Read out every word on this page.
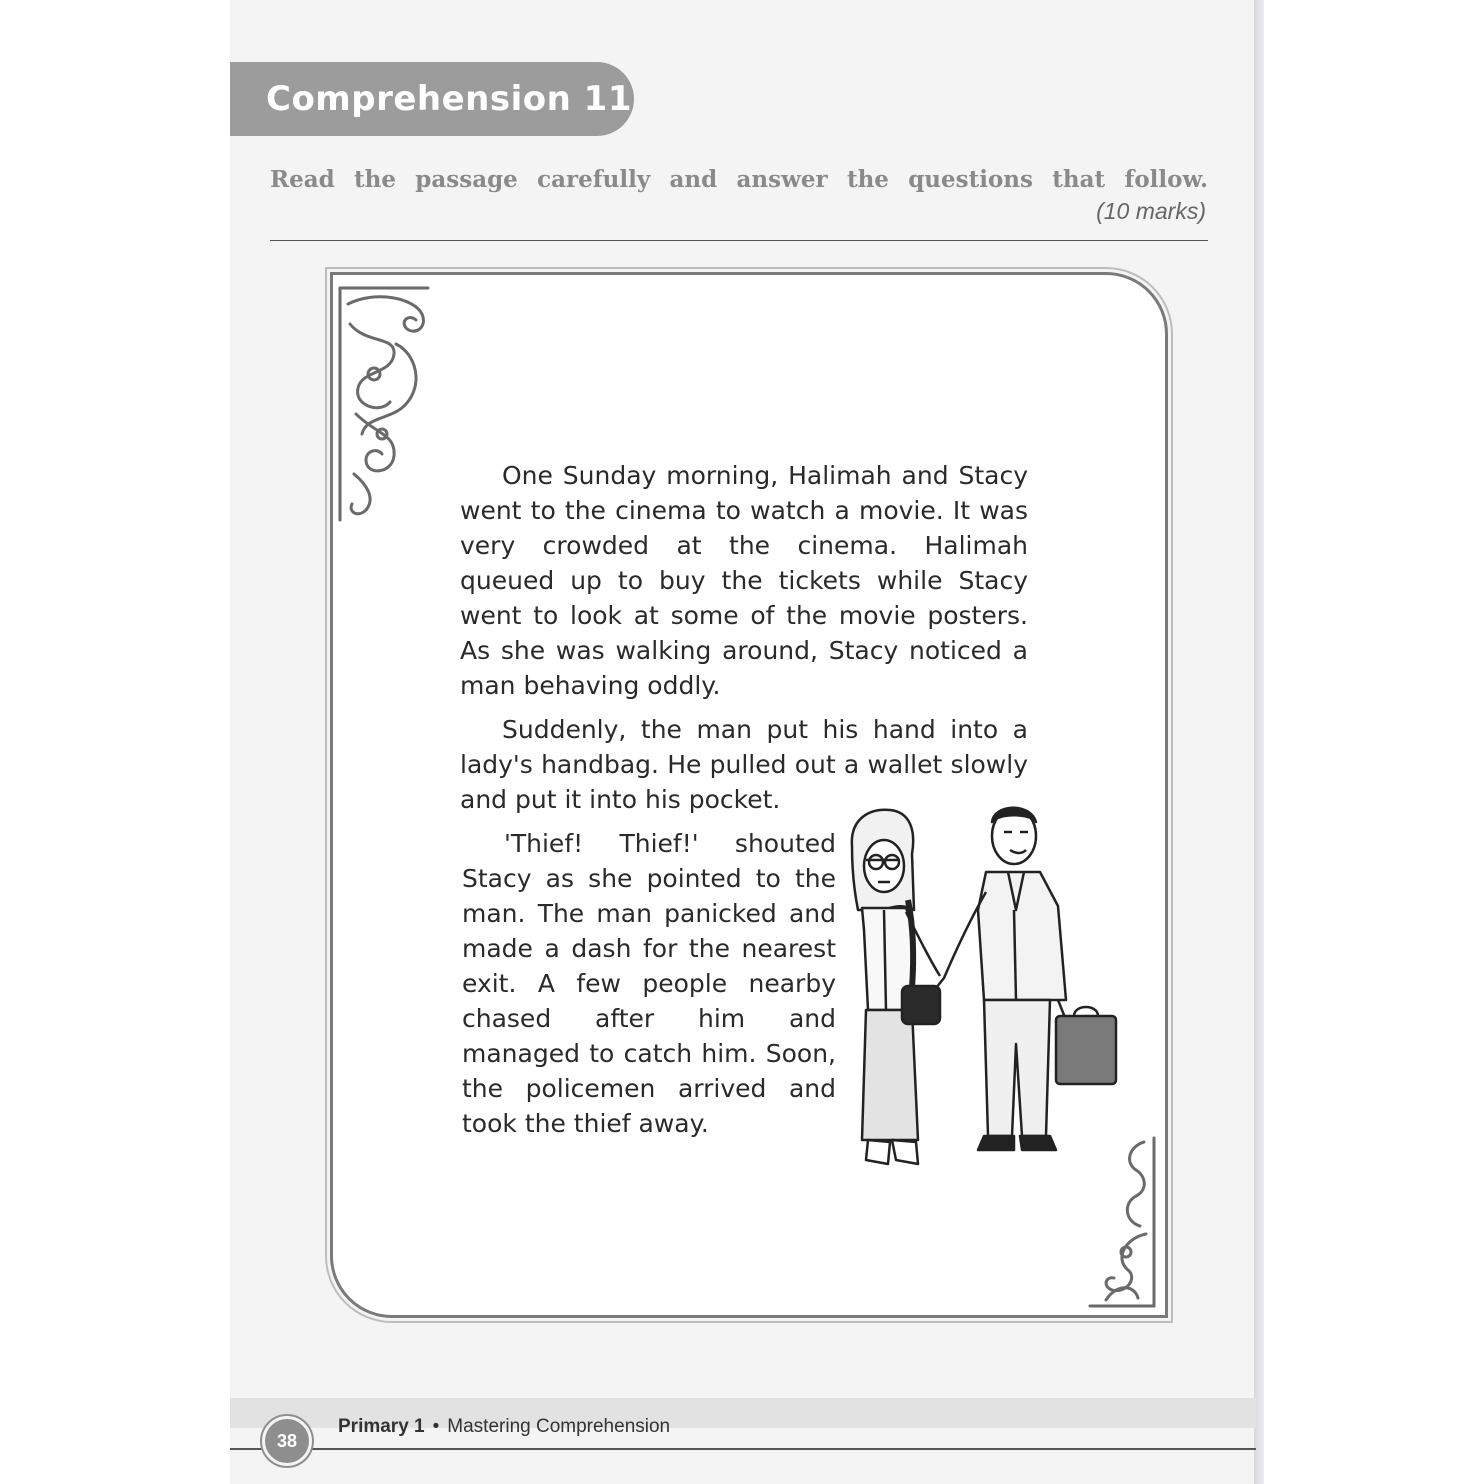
Comprehension 11
Read the passage carefully and answer the questions that follow.
(10 marks)

One Sunday morning, Halimah and Stacy went to the cinema to watch a movie. It was very crowded at the cinema. Halimah queued up to buy the tickets while Stacy went to look at some of the movie posters. As she was walking around, Stacy noticed a man behaving oddly.

Suddenly, the man put his hand into a lady's handbag. He pulled out a wallet slowly and put it into his pocket.

'Thief! Thief!' shouted Stacy as she pointed to the man. The man panicked and made a dash for the nearest exit. A few people nearby chased after him and managed to catch him. Soon, the policemen arrived and took the thief away.

38
Primary 1 • Mastering Comprehension
